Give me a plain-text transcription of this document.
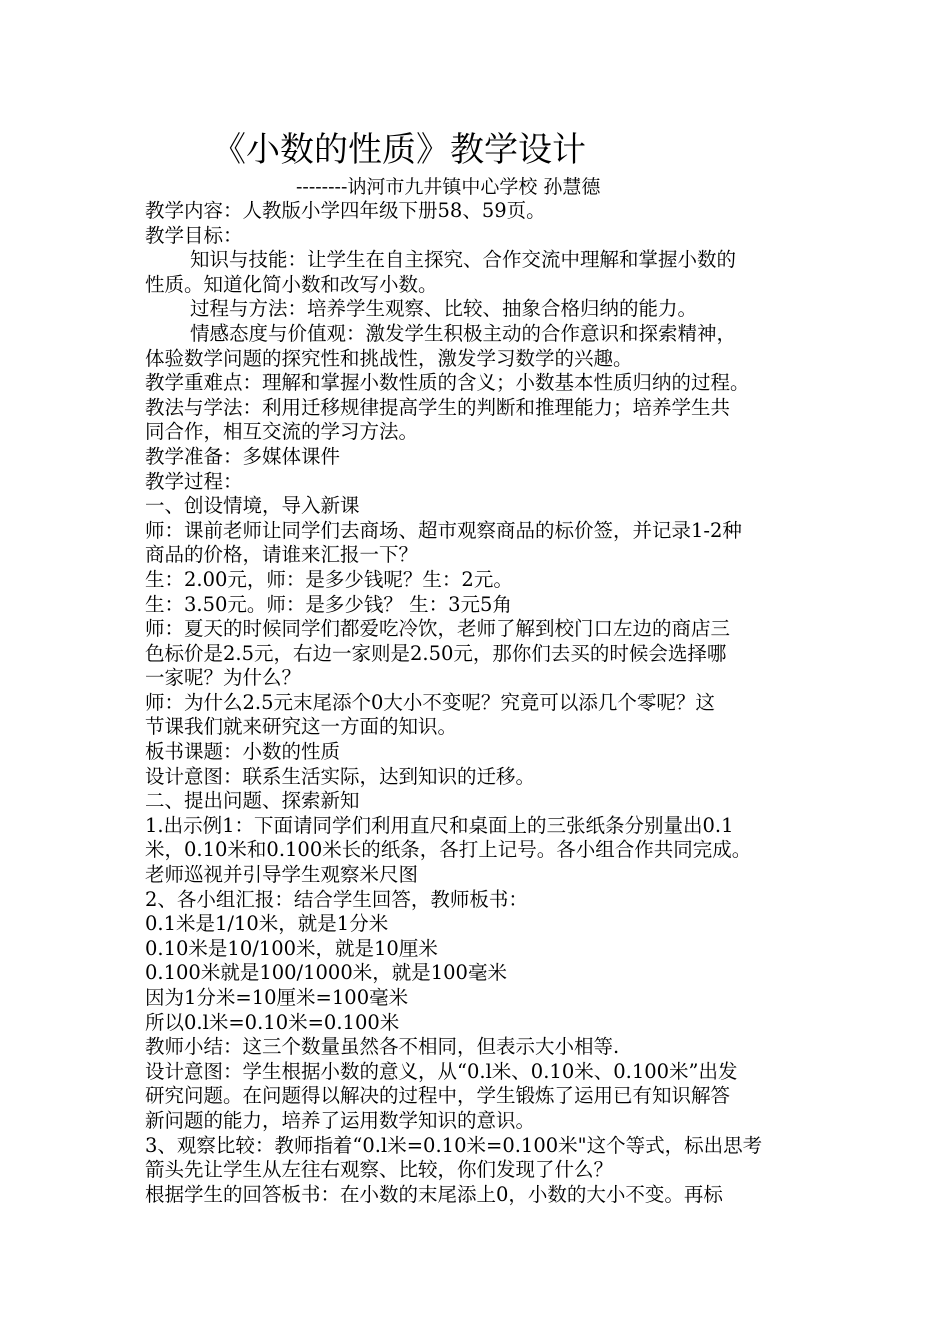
《小数的性质》教学设计
--------讷河市九井镇中心学校 孙慧德
教学内容：人教版小学四年级下册58、59页。
教学目标：
知识与技能：让学生在自主探究、合作交流中理解和掌握小数的
性质。知道化简小数和改写小数。
过程与方法：培养学生观察、比较、抽象合格归纳的能力。
情感态度与价值观：激发学生积极主动的合作意识和探索精神，
体验数学问题的探究性和挑战性，激发学习数学的兴趣。
教学重难点：理解和掌握小数性质的含义；小数基本性质归纳的过程。
教法与学法：利用迁移规律提高学生的判断和推理能力；培养学生共
同合作，相互交流的学习方法。
教学准备：多媒体课件
教学过程：
一、创设情境，导入新课
师：课前老师让同学们去商场、超市观察商品的标价签，并记录1-2种
商品的价格，请谁来汇报一下？
生：2.00元，师：是多少钱呢？生：2元。
生：3.50元。师：是多少钱？ 生：3元5角
师：夏天的时候同学们都爱吃冷饮，老师了解到校门口左边的商店三
色标价是2.5元，右边一家则是2.50元，那你们去买的时候会选择哪
一家呢？为什么？
师：为什么2.5元末尾添个0大小不变呢？究竟可以添几个零呢？这
节课我们就来研究这一方面的知识。
板书课题：小数的性质
设计意图：联系生活实际，达到知识的迁移。
二、提出问题、探索新知
1.出示例1：下面请同学们利用直尺和桌面上的三张纸条分别量出0.1
米，0.10米和0.100米长的纸条，各打上记号。各小组合作共同完成。
老师巡视并引导学生观察米尺图
2、各小组汇报：结合学生回答，教师板书：
0.1米是1/10米，就是1分米
0.10米是10/100米，就是10厘米
0.100米就是100/1000米，就是100毫米
因为1分米=10厘米=100毫米
所以0.l米=0.10米=0.100米
教师小结：这三个数量虽然各不相同，但表示大小相等.
设计意图：学生根据小数的意义，从“0.l米、0.10米、0.100米”出发
研究问题。在问题得以解决的过程中，学生锻炼了运用已有知识解答
新问题的能力，培养了运用数学知识的意识。
3、观察比较：教师指着“0.l米=0.10米=0.100米"这个等式，标出思考
箭头先让学生从左往右观察、比较，你们发现了什么？
根据学生的回答板书：在小数的末尾添上0，小数的大小不变。再标
